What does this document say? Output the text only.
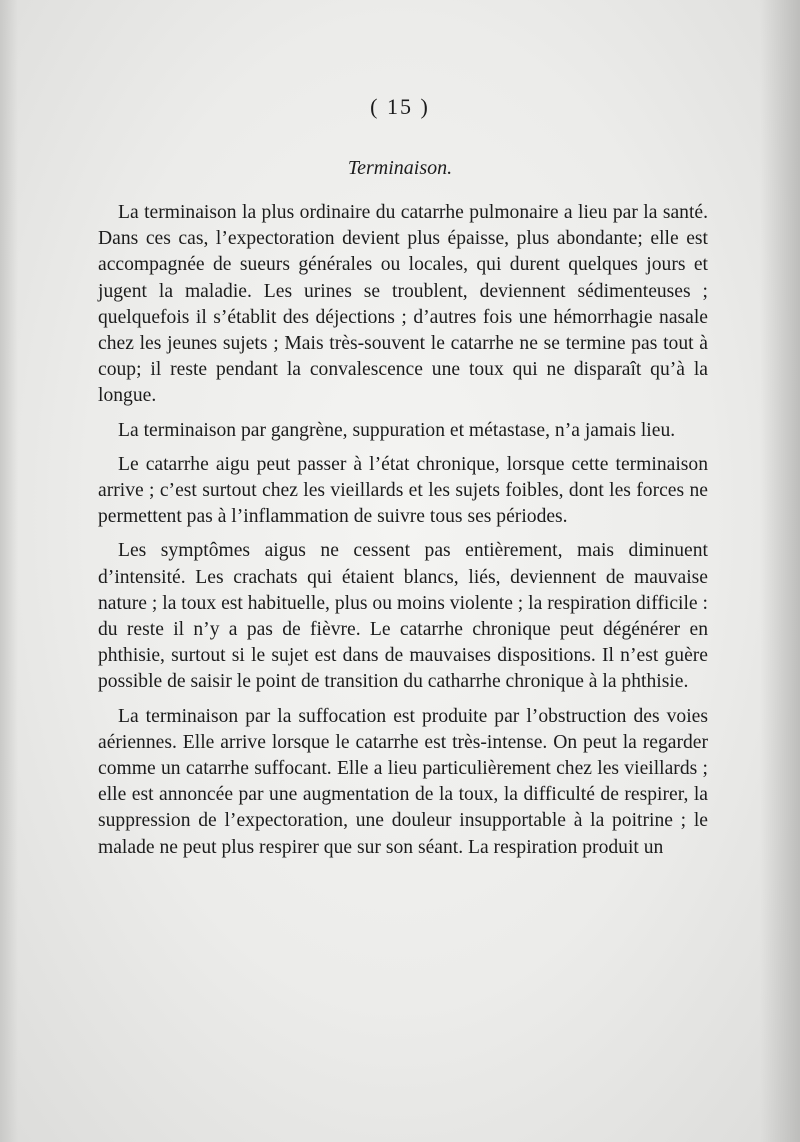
( 15 )
Terminaison.

La terminaison la plus ordinaire du catarrhe pulmonaire a lieu par la santé. Dans ces cas, l’expectoration devient plus épaisse, plus abondante; elle est accompagnée de sueurs générales ou locales, qui durent quelques jours et jugent la maladie. Les urines se troublent, deviennent sédimenteuses ; quelquefois il s’établit des déjections ; d’autres fois une hémorrhagie nasale chez les jeunes sujets ; Mais très-souvent le catarrhe ne se termine pas tout à coup; il reste pendant la convalescence une toux qui ne disparaît qu’à la longue.

La terminaison par gangrène, suppuration et métastase, n’a jamais lieu.

Le catarrhe aigu peut passer à l’état chronique, lorsque cette terminaison arrive ; c’est surtout chez les vieillards et les sujets foibles, dont les forces ne permettent pas à l’inflammation de suivre tous ses périodes.

Les symptômes aigus ne cessent pas entièrement, mais diminuent d’intensité. Les crachats qui étaient blancs, liés, deviennent de mauvaise nature ; la toux est habituelle, plus ou moins violente ; la respiration difficile : du reste il n’y a pas de fièvre. Le catarrhe chronique peut dégénérer en phthisie, surtout si le sujet est dans de mauvaises dispositions. Il n’est guère possible de saisir le point de transition du catharrhe chronique à la phthisie.

La terminaison par la suffocation est produite par l’obstruction des voies aériennes. Elle arrive lorsque le catarrhe est très-intense. On peut la regarder comme un catarrhe suffocant. Elle a lieu particulièrement chez les vieillards ; elle est annoncée par une augmentation de la toux, la difficulté de respirer, la suppression de l’expectoration, une douleur insupportable à la poitrine ; le malade ne peut plus respirer que sur son séant. La respiration produit un
